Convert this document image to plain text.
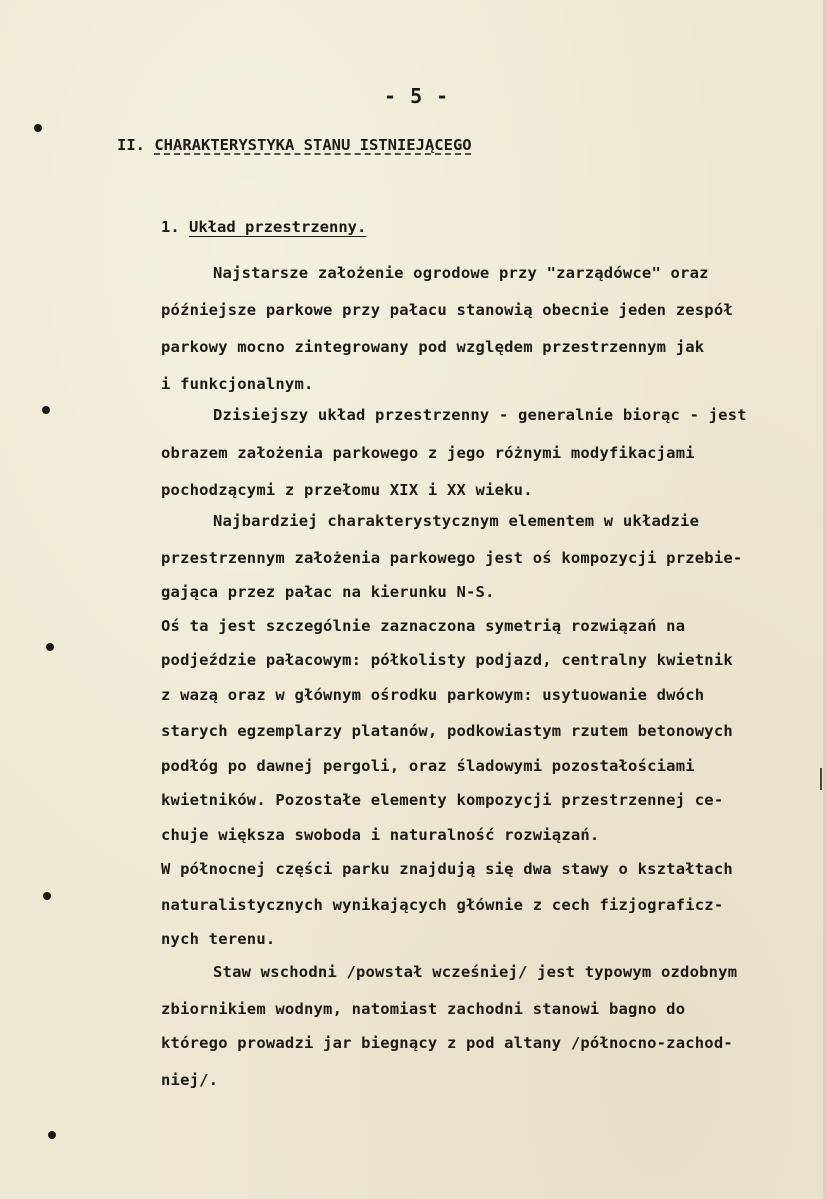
- 5 -
II. CHARAKTERYSTYKA STANU ISTNIEJĄCEGO
1. Układ przestrzenny.
Najstarsze założenie ogrodowe przy "zarządówce" oraz
późniejsze parkowe przy pałacu stanowią obecnie jeden zespół
parkowy mocno zintegrowany pod względem przestrzennym jak
i funkcjonalnym.
Dzisiejszy układ przestrzenny - generalnie biorąc - jest
obrazem założenia parkowego z jego różnymi modyfikacjami
pochodzącymi z przełomu XIX i XX wieku.
Najbardziej charakterystycznym elementem w układzie
przestrzennym założenia parkowego jest oś kompozycji przebie-
gająca przez pałac na kierunku N-S.
Oś ta jest szczególnie zaznaczona symetrią rozwiązań na
podjeździe pałacowym: półkolisty podjazd, centralny kwietnik
z wazą oraz w głównym ośrodku parkowym: usytuowanie dwóch
starych egzemplarzy platanów, podkowiastym rzutem betonowych
podłóg po dawnej pergoli, oraz śladowymi pozostałościami
kwietników. Pozostałe elementy kompozycji przestrzennej ce-
chuje większa swoboda i naturalność rozwiązań.
W północnej części parku znajdują się dwa stawy o kształtach
naturalistycznych wynikających głównie z cech fizjograficz-
nych terenu.
Staw wschodni /powstał wcześniej/ jest typowym ozdobnym
zbiornikiem wodnym, natomiast zachodni stanowi bagno do
którego prowadzi jar biegnący z pod altany /północno-zachod-
niej/.
